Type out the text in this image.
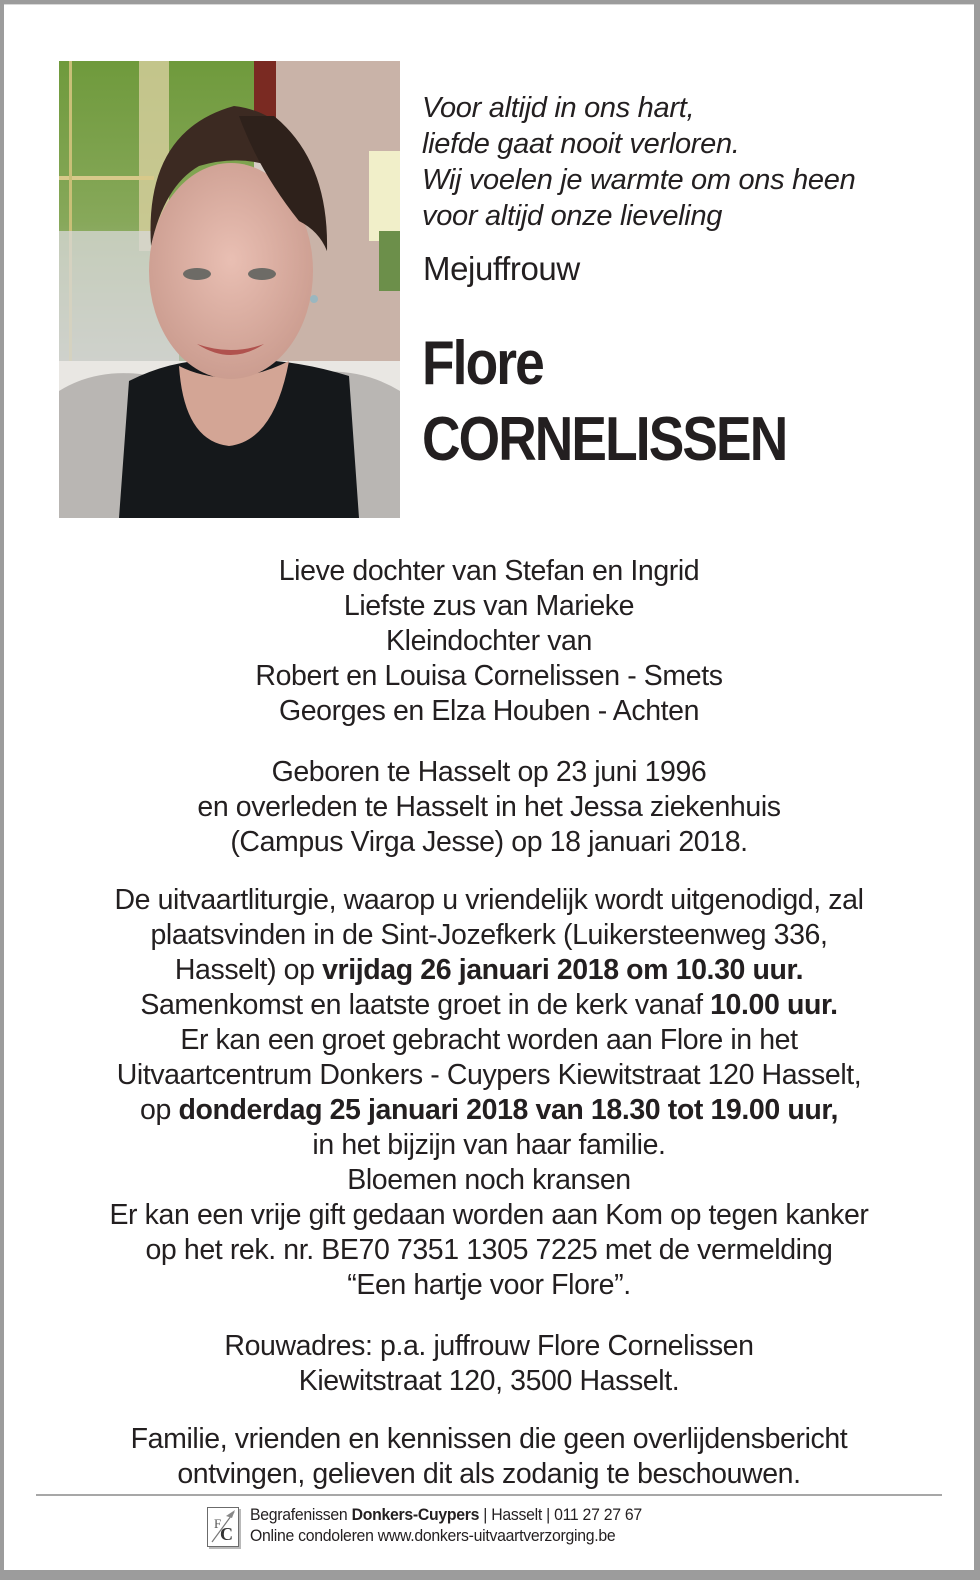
Voor altijd in ons hart,
liefde gaat nooit verloren.
Wij voelen je warmte om ons heen
voor altijd onze lieveling
Mejuffrouw
Flore
CORNELISSEN
Lieve dochter van Stefan en Ingrid
Liefste zus van Marieke
Kleindochter van
Robert en Louisa Cornelissen - Smets
Georges en Elza Houben - Achten
Geboren te Hasselt op 23 juni 1996
en overleden te Hasselt in het Jessa ziekenhuis
(Campus Virga Jesse) op 18 januari 2018.
De uitvaartliturgie, waarop u vriendelijk wordt uitgenodigd, zal
plaatsvinden in de Sint-Jozefkerk (Luikersteenweg 336,
Hasselt) op vrijdag 26 januari 2018 om 10.30 uur.
Samenkomst en laatste groet in de kerk vanaf 10.00 uur.
Er kan een groet gebracht worden aan Flore in het
Uitvaartcentrum Donkers - Cuypers Kiewitstraat 120 Hasselt,
op donderdag 25 januari 2018 van 18.30 tot 19.00 uur,
in het bijzijn van haar familie.
Bloemen noch kransen
Er kan een vrije gift gedaan worden aan Kom op tegen kanker
op het rek. nr. BE70 7351 1305 7225 met de vermelding
“Een hartje voor Flore”.
Rouwadres: p.a. juffrouw Flore Cornelissen
Kiewitstraat 120, 3500 Hasselt.
Familie, vrienden en kennissen die geen overlijdensbericht
ontvingen, gelieven dit als zodanig te beschouwen.
F
C
Begrafenissen Donkers-Cuypers | Hasselt | 011 27 27 67
Online condoleren www.donkers-uitvaartverzorging.be
